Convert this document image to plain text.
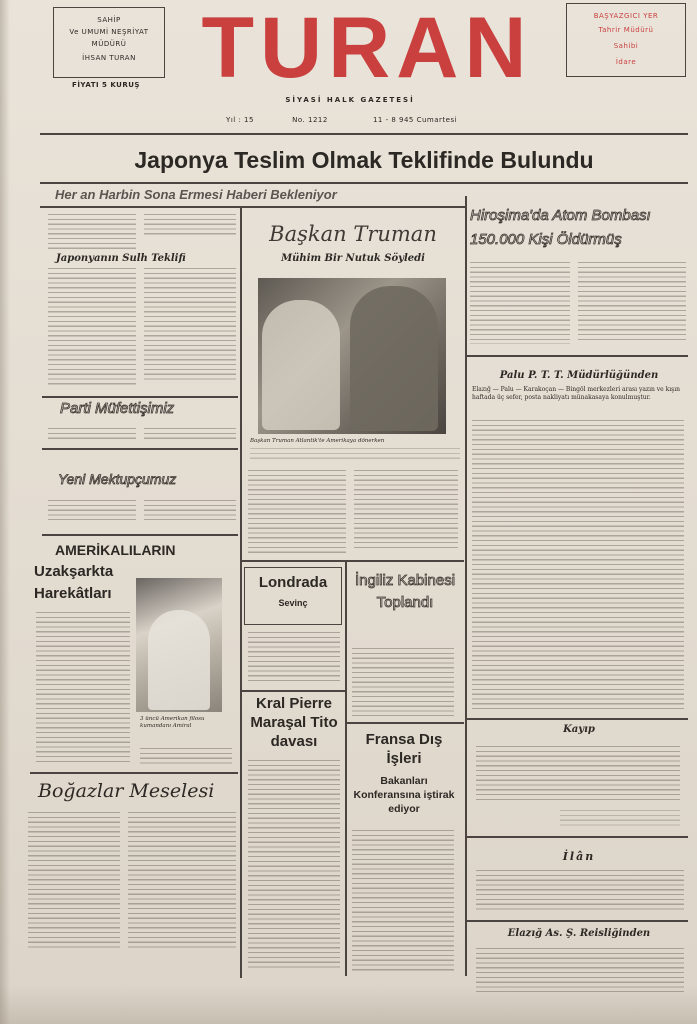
SAHİP
Ve UMUMİ NEŞRİYAT
MÜDÜRÜ
İHSAN TURAN
FİYATI 5 KURUŞ TURAN	BAŞYAZGICI YER
Tahrir Müdürü
Sahibi
İdare
SİYASİ HALK GAZETESİ
Yıl : 15	No. 1212	11 - 8 945 Cumartesi
Japonya Teslim Olmak Teklifinde Bulundu
Her an Harbin Sona Ermesi Haberi Bekleniyor
Japonyanın Sulh Teklifi
Parti Müfettişimiz
Yeni Mektupçumuz
AMERİKALILARIN
Uzakşarkta
Harekâtları
3 üncü Amerikan filosu kumandanı Amiral
Boğazlar Meselesi
Başkan Truman
Mühim Bir Nutuk Söyledi
Başkan Truman Atlantik'te Amerikaya dönerken
Londrada
Sevinç
Kral Pierre Maraşal Tito davası
İngiliz Kabinesi Toplandı
Fransa Dış İşleri
Bakanları Konferansına iştirak ediyor
Hiroşima'da Atom Bombası 150.000 Kişi Öldürmüş
Palu P. T. T. Müdürlüğünden
Elazığ — Palu — Karakoçan — Bingöl merkezleri arası yazın ve kışın haftada üç sefer, posta nakliyatı münakasaya konulmuştur.
Kayıp
İlân
Elazığ As. Ş. Reisliğinden
